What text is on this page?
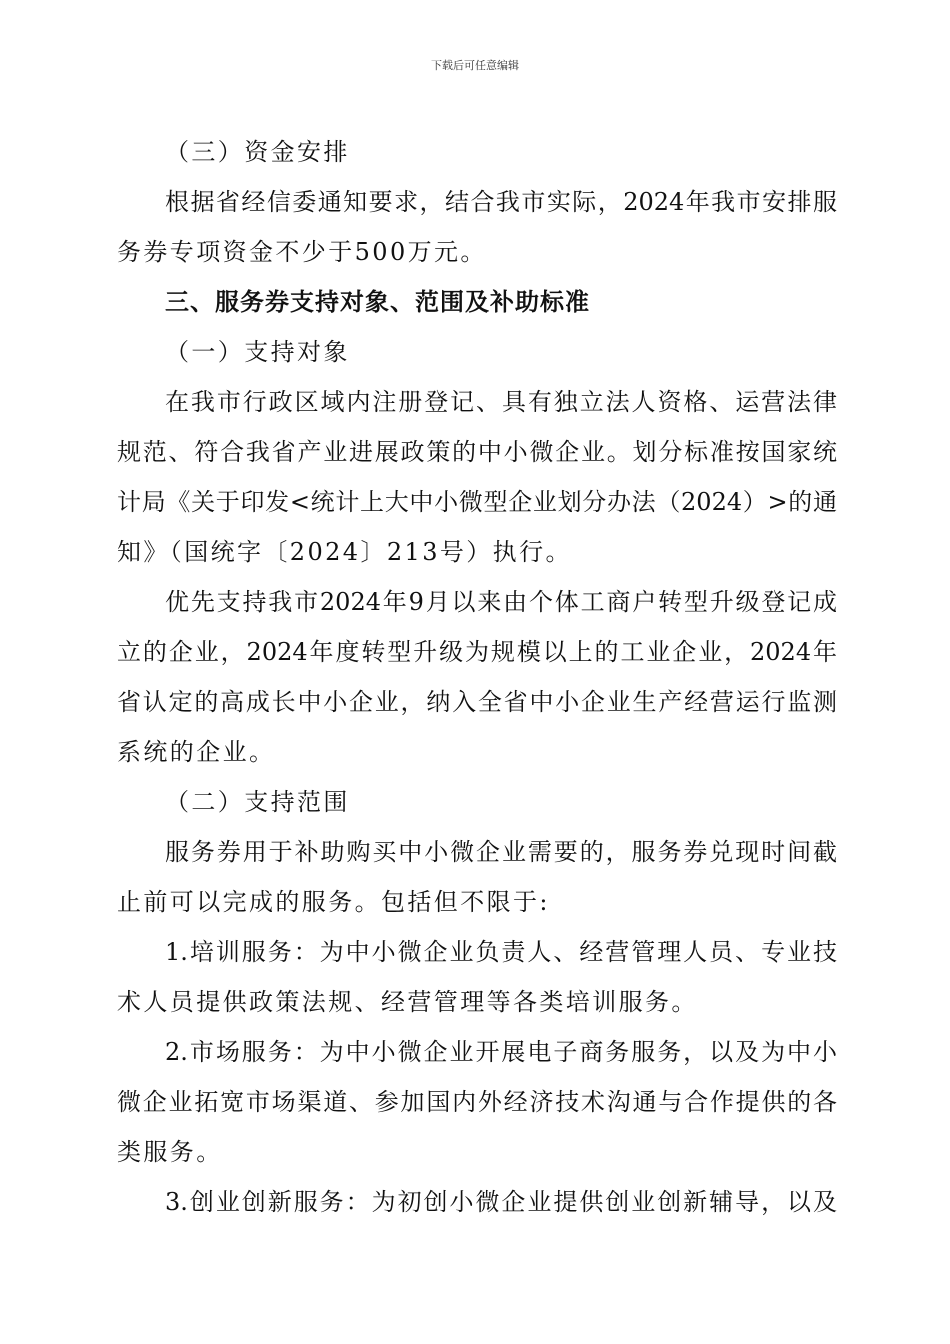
下载后可任意编辑
（三）资金安排
根据省经信委通知要求，结合我市实际，2024年我市安排服
务券专项资金不少于500万元。
三、服务券支持对象、范围及补助标准
（一）支持对象
在我市行政区域内注册登记、具有独立法人资格、运营法律
规范、符合我省产业进展政策的中小微企业。划分标准按国家统
计局《关于印发<统计上大中小微型企业划分办法（2024）>的通
知》（国统字〔2024〕213号）执行。
优先支持我市2024年9月以来由个体工商户转型升级登记成
立的企业，2024年度转型升级为规模以上的工业企业，2024年
省认定的高成长中小企业，纳入全省中小企业生产经营运行监测
系统的企业。
（二）支持范围
服务券用于补助购买中小微企业需要的，服务券兑现时间截
止前可以完成的服务。包括但不限于:
1.培训服务：为中小微企业负责人、经营管理人员、专业技
术人员提供政策法规、经营管理等各类培训服务。
2.市场服务：为中小微企业开展电子商务服务，以及为中小
微企业拓宽市场渠道、参加国内外经济技术沟通与合作提供的各
类服务。
3.创业创新服务：为初创小微企业提供创业创新辅导，以及
